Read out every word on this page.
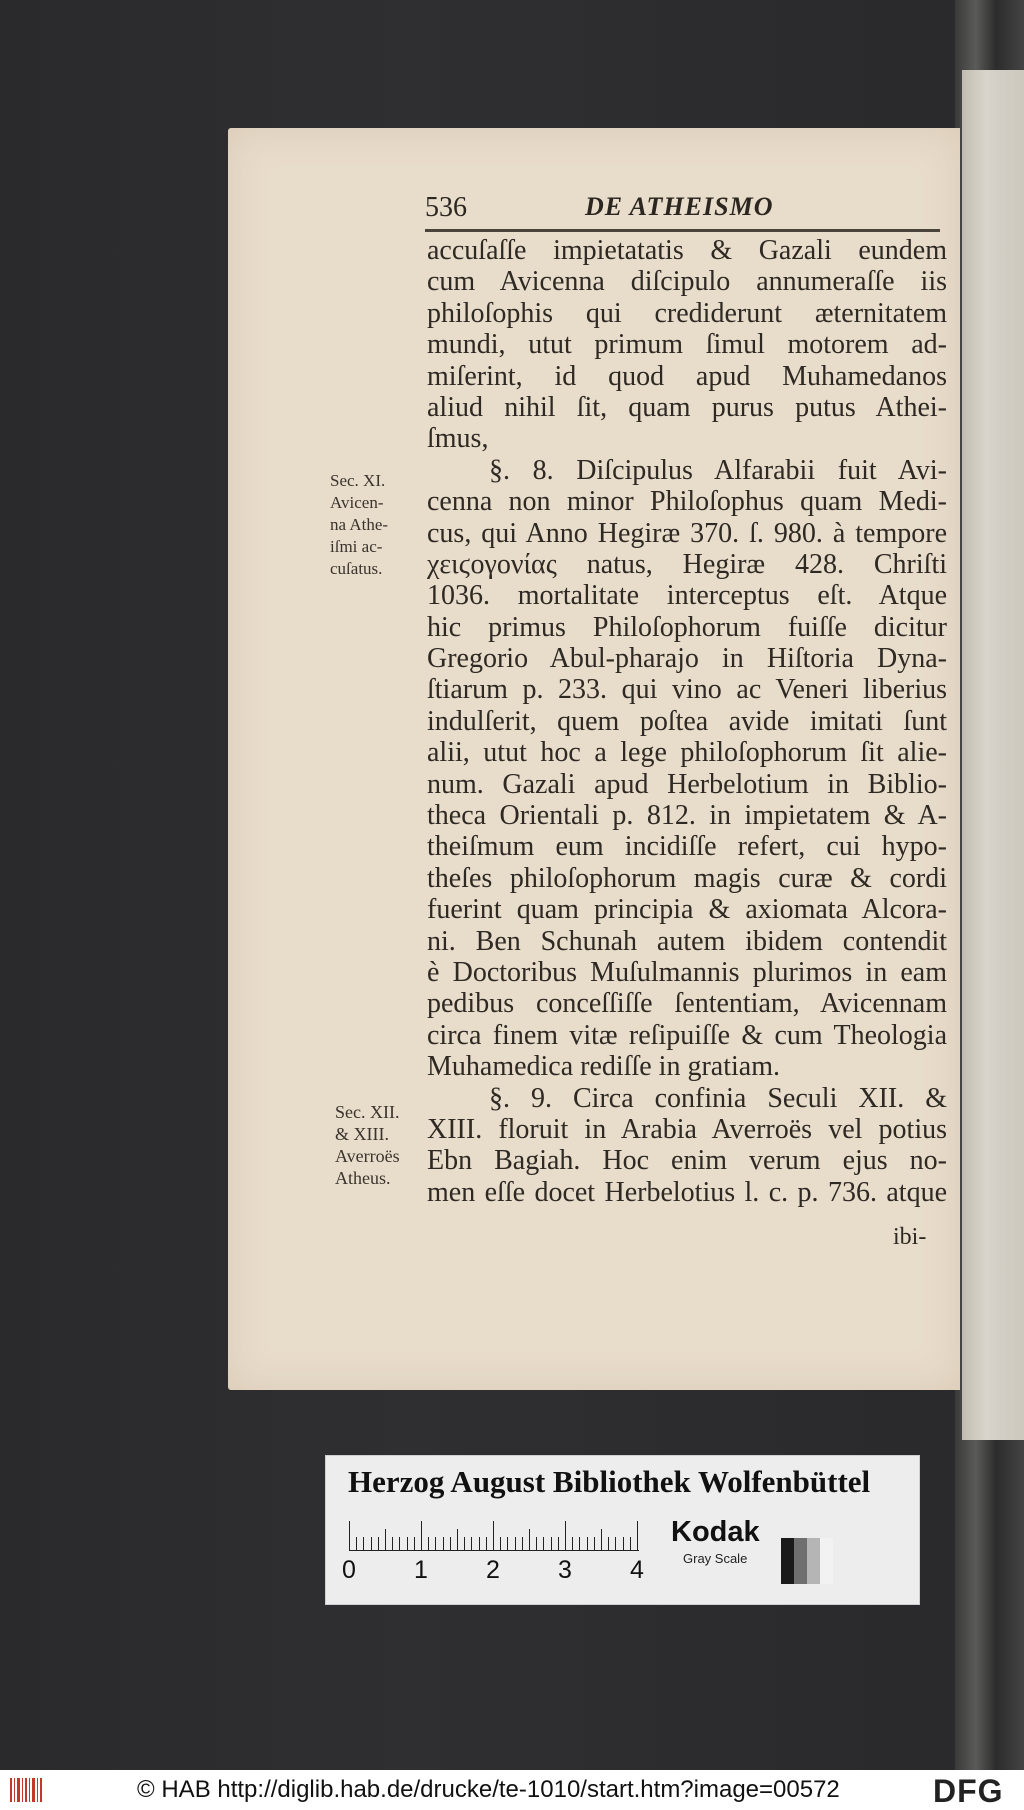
536	DE ATHEISMO
accuſaſſe impietatatis & Gazali eundem
cum Avicenna diſcipulo annumeraſſe iis
philoſophis qui crediderunt æternitatem
mundi, utut primum ſimul motorem ad-
miſerint, id quod apud Muhamedanos
aliud nihil ſit, quam purus putus Athei-
ſmus,
§. 8. Diſcipulus Alfarabii fuit Avi-
cenna non minor Philoſophus quam Medi-
cus, qui Anno Hegiræ 370. ſ. 980. à tempore
χειϛογονίας natus, Hegiræ 428. Chriſti
1036. mortalitate interceptus eſt. Atque
hic primus Philoſophorum fuiſſe dicitur
Gregorio Abul-pharajo in Hiſtoria Dyna-
ſtiarum p. 233. qui vino ac Veneri liberius
indulſerit, quem poſtea avide imitati ſunt
alii, utut hoc a lege philoſophorum ſit alie-
num. Gazali apud Herbelotium in Biblio-
theca Orientali p. 812. in impietatem & A-
theiſmum eum incidiſſe refert, cui hypo-
theſes philoſophorum magis curæ & cordi
fuerint quam principia & axiomata Alcora-
ni. Ben Schunah autem ibidem contendit
è Doctoribus Muſulmannis plurimos in eam
pedibus conceſſiſſe ſententiam, Avicennam
circa finem vitæ reſipuiſſe & cum Theologia
Muhamedica rediſſe in gratiam.
§. 9. Circa confinia Seculi XII. &
XIII. floruit in Arabia Averroës vel potius
Ebn Bagiah. Hoc enim verum ejus no-
men eſſe docet Herbelotius l. c. p. 736. atque
Sec. XI.
Avicen-
na Athe-
iſmi ac-
cuſatus.
Sec. XII.
& XIII.
Averroës
Atheus.
ibi-
Herzog August Bibliothek Wolfenbüttel
0 1 2 3 4
Kodak
Gray Scale
© HAB http://diglib.hab.de/drucke/te-1010/start.htm?image=00572	DFG
